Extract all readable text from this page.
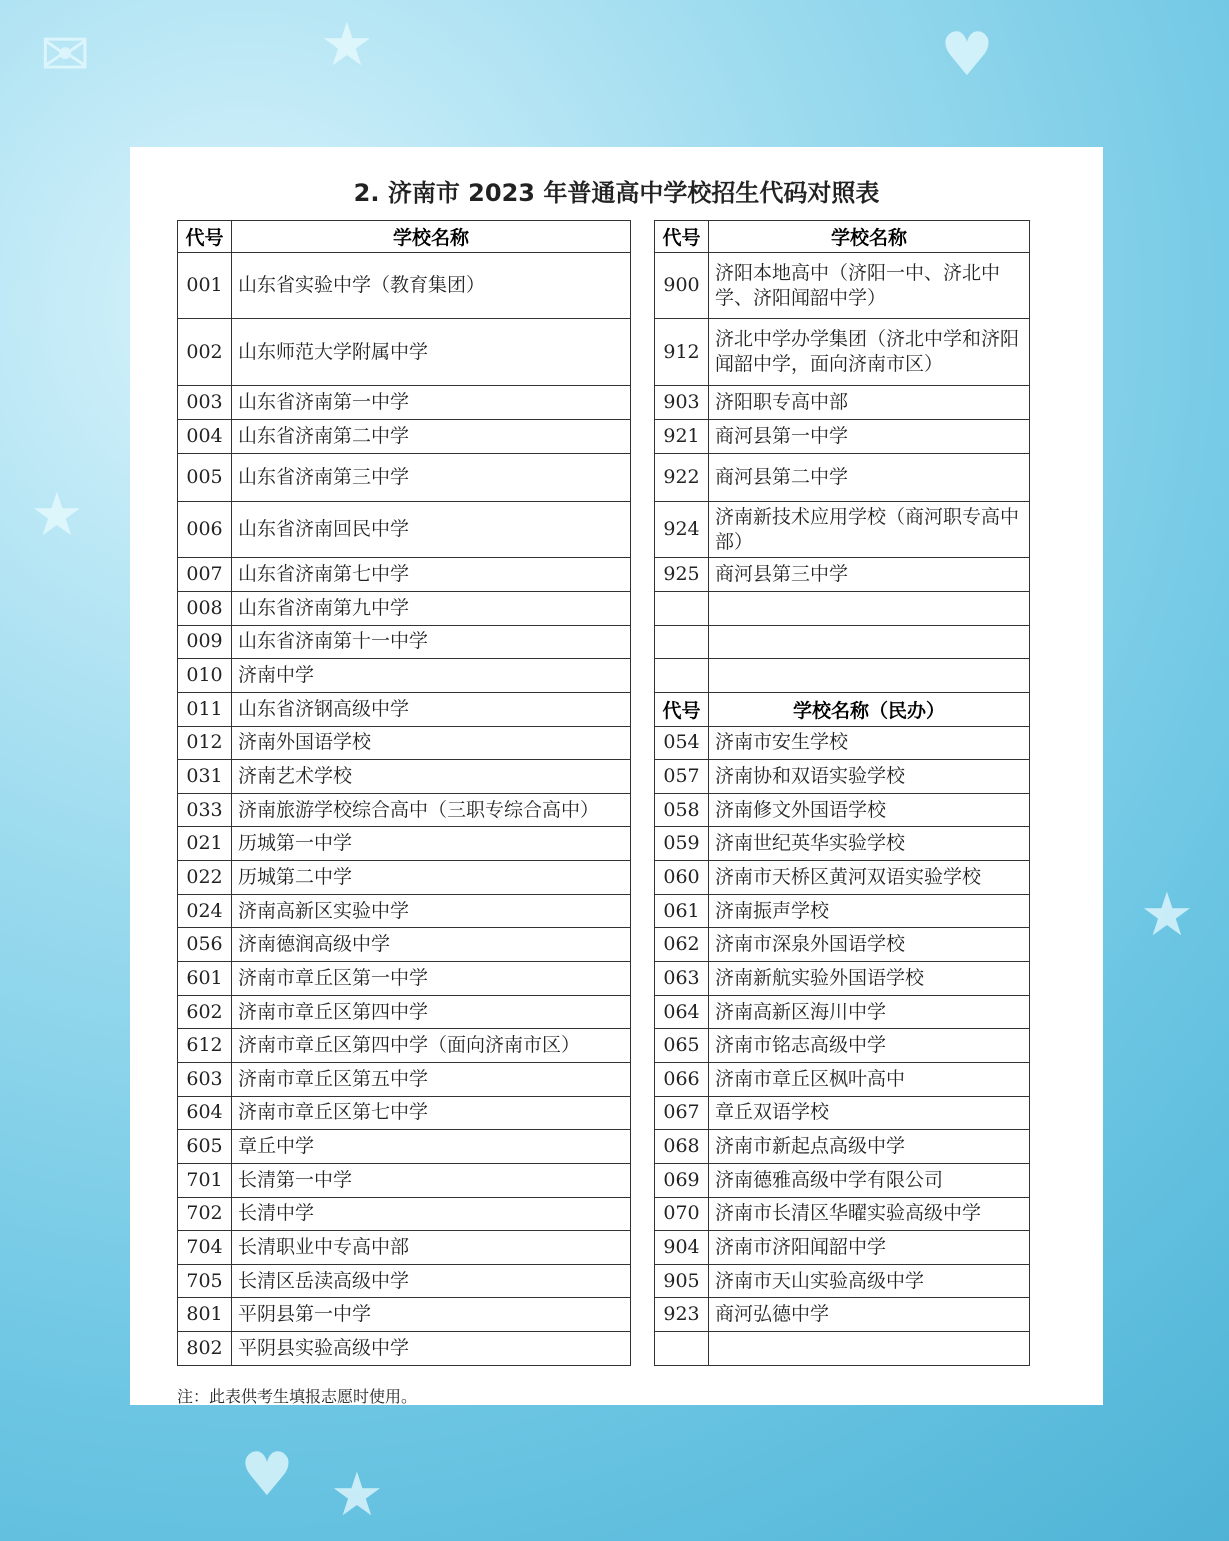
✉	★	♥
★
★
♥ ★
2. 济南市 2023 年普通高中学校招生代码对照表
代号	学校名称
001	山东省实验中学（教育集团）
002	山东师范大学附属中学
003	山东省济南第一中学
004	山东省济南第二中学
005	山东省济南第三中学
006	山东省济南回民中学
007	山东省济南第七中学
008	山东省济南第九中学
009	山东省济南第十一中学
010	济南中学
011	山东省济钢高级中学
012	济南外国语学校
031	济南艺术学校
033	济南旅游学校综合高中（三职专综合高中）
021	历城第一中学
022	历城第二中学
024	济南高新区实验中学
056	济南德润高级中学
601	济南市章丘区第一中学
602	济南市章丘区第四中学
612	济南市章丘区第四中学（面向济南市区）
603	济南市章丘区第五中学
604	济南市章丘区第七中学
605	章丘中学
701	长清第一中学
702	长清中学
704	长清职业中专高中部
705	长清区岳渎高级中学
801	平阴县第一中学
802	平阴县实验高级中学
代号	学校名称
900	济阳本地高中（济阳一中、济北中学、济阳闻韶中学）
912	济北中学办学集团（济北中学和济阳闻韶中学，面向济南市区）
903	济阳职专高中部
921	商河县第一中学
922	商河县第二中学
924	济南新技术应用学校（商河职专高中部）
925	商河县第三中学

代号	学校名称（民办）
054	济南市安生学校
057	济南协和双语实验学校
058	济南修文外国语学校
059	济南世纪英华实验学校
060	济南市天桥区黄河双语实验学校
061	济南振声学校
062	济南市深泉外国语学校
063	济南新航实验外国语学校
064	济南高新区海川中学
065	济南市铭志高级中学
066	济南市章丘区枫叶高中
067	章丘双语学校
068	济南市新起点高级中学
069	济南德雅高级中学有限公司
070	济南市长清区华曜实验高级中学
904	济南市济阳闻韶中学
905	济南市天山实验高级中学
923	商河弘德中学

注：此表供考生填报志愿时使用。
